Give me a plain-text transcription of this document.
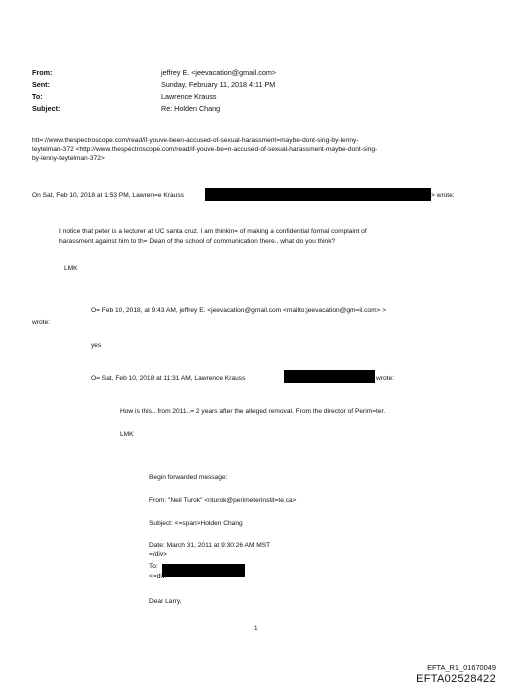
From:	jeffrey E. <jeevacation@gmail.com>
Sent:	Sunday, February 11, 2018 4:11 PM
To:	Lawrence Krauss
Subject:	Re: Holden Chang
htt=://www.thespectroscope.com/read/if-youve-been-accused-of-sexual-harassment=maybe-dont-sing-by-lenny-
teytelman-372 <http://www.thespectroscope.com/read/if-youve-be=n-accused-of-sexual-harassment-maybe-dont-sing-
by-lenny-teytelman-372>
On Sat, Feb 10, 2018 at 1:53 PM, Lawren=e Krauss	> wrote:
I notice that peter is a lecturer at UC santa cruz. I am thinkin= of making a confidential formal complaint of
harassment against him to th= Dean of the school of communication there.. what do you think?
LMK
O= Feb 10, 2018, at 9:43 AM, jeffrey E. <jeevacation@gmail.com <mailto:jeevacation@gm=il.com> >
wrote:
yes
O= Sat, Feb 10, 2018 at 11:31 AM, Lawrence Krauss	wrote:
How is this.. from 2011..= 2 years after the alleged removal. From the director of Perim=ter.
LMK
Begin forwarded message:
From: "Neil Turok" <nturok@perimeterinstit=te.ca>
Subject: <=span>Holden Chang
Date: March 31, 2011 at 9:30:26 AM MST
=/div>
To:
<=div>
Dear Larry,
1
EFTA_R1_01670049
EFTA02528422
